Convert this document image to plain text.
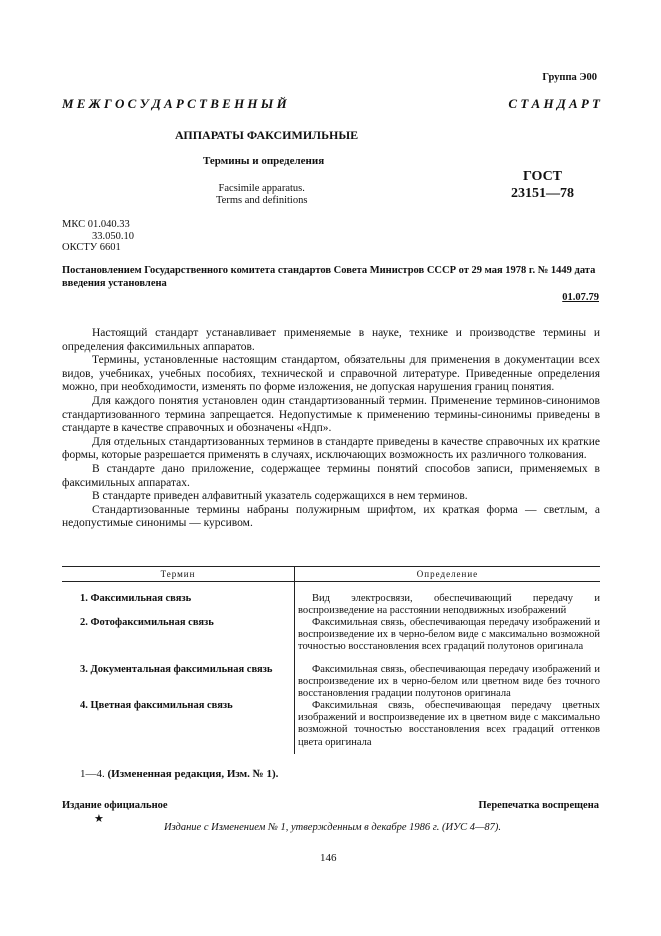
Группа Э00
М Е Ж Г О С У Д А Р С Т В Е Н Н Ы Й	С Т А Н Д А Р Т
АППАРАТЫ ФАКСИМИЛЬНЫЕ
Термины и определения
Facsimile apparatus.
Terms and definitions
ГОСТ
23151—78
МКС 01.040.33
33.050.10
ОКСТУ 6601
Постановлением Государственного комитета стандартов Совета Министров СССР от 29 мая 1978 г. № 1449 дата введения установлена
01.07.79

Настоящий стандарт устанавливает применяемые в науке, технике и производстве термины и определения факсимильных аппаратов.

Термины, установленные настоящим стандартом, обязательны для применения в документации всех видов, учебниках, учебных пособиях, технической и справочной литературе. Приведенные определения можно, при необходимости, изменять по форме изложения, не допуская нарушения границ понятия.

Для каждого понятия установлен один стандартизованный термин. Применение терминов-синонимов стандартизованного термина запрещается. Недопустимые к применению термины-синонимы приведены в стандарте в качестве справочных и обозначены «Ндп».

Для отдельных стандартизованных терминов в стандарте приведены в качестве справочных их краткие формы, которые разрешается применять в случаях, исключающих возможность их различного толкования.

В стандарте дано приложение, содержащее термины понятий способов записи, применяемых в факсимильных аппаратах.

В стандарте приведен алфавитный указатель содержащихся в нем терминов.

Стандартизованные термины набраны полужирным шрифтом, их краткая форма — светлым, а недопустимые синонимы — курсивом.

Термин	Определение
1. Факсимильная связь	Вид электросвязи, обеспечивающий передачу и воспроизведение на расстоянии неподвижных изображений

2. Фотофаксимильная связь	Факсимильная связь, обеспечивающая передачу изображений и воспроизведение их в черно-белом виде с максимально возможной точностью восстановления всех градаций полутонов оригинала

3. Документальная факсимильная связь	Факсимильная связь, обеспечивающая передачу изображений и воспроизведение их в черно-белом или цветном виде без точного восстановления градации полутонов оригинала

4. Цветная факсимильная связь	Факсимильная связь, обеспечивающая передачу цветных изображений и воспроизведение их в цветном виде с максимально возможной точностью восстановления всех градаций оттенков цвета оригинала

1—4. (Измененная редакция, Изм. № 1).
Издание официальное	Перепечатка воспрещена
★
Издание с Изменением № 1, утвержденным в декабре 1986 г. (ИУС 4—87).
146
